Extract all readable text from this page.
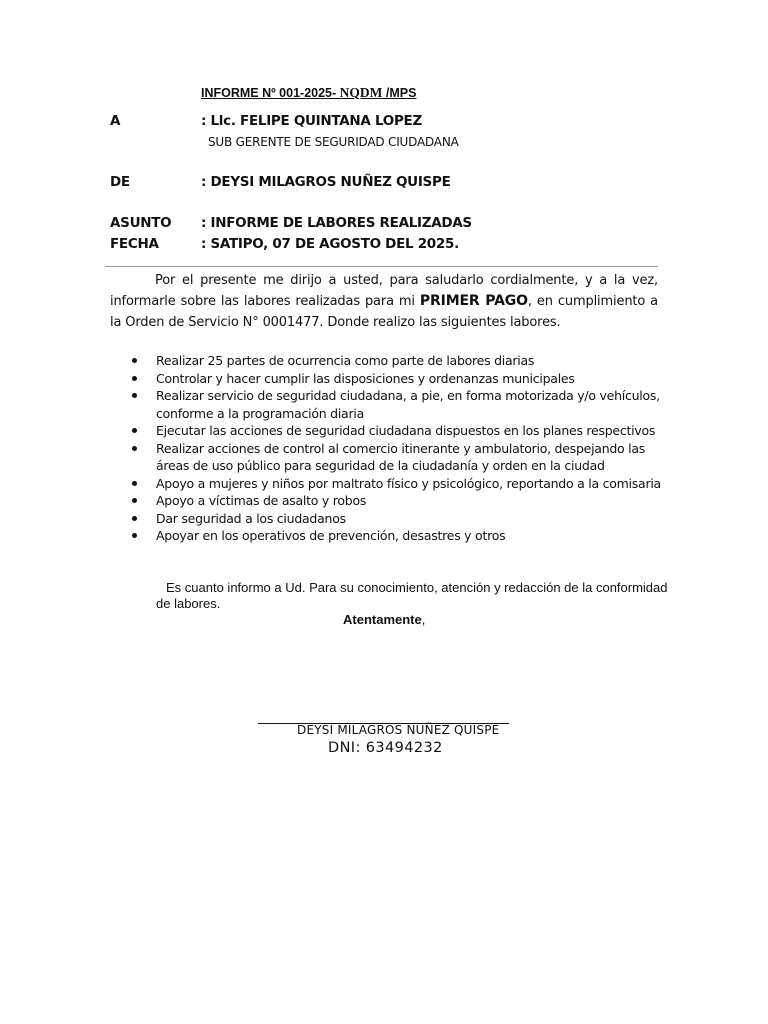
INFORME Nº 001-2025- NQDM /MPS
A	: Llc. FELIPE QUINTANA LOPEZ
SUB GERENTE DE SEGURIDAD CIUDADANA
DE	: DEYSI MILAGROS NUÑEZ QUISPE
ASUNTO : INFORME DE LABORES REALIZADAS
FECHA	: SATIPO, 07 DE AGOSTO DEL 2025.
Por el presente me dirijo a usted, para saludarlo cordialmente, y a la vez, informarle sobre las labores realizadas para mi PRIMER PAGO, en cumplimiento a la Orden de Servicio N° 0001477. Donde realizo las siguientes labores.
Realizar 25 partes de ocurrencia como parte de labores diarias
Controlar y hacer cumplir las disposiciones y ordenanzas municipales
Realizar servicio de seguridad ciudadana, a pie, en forma motorizada y/o vehículos, conforme a la programación diaria
Ejecutar las acciones de seguridad ciudadana dispuestos en los planes respectivos
Realizar acciones de control al comercio itinerante y ambulatorio, despejando las áreas de uso público para seguridad de la ciudadanía y orden en la ciudad
Apoyo a mujeres y niños por maltrato físico y psicológico, reportando a la comisaria
Apoyo a víctimas de asalto y robos
Dar seguridad a los ciudadanos
Apoyar en los operativos de prevención, desastres y otros
Es cuanto informo a Ud. Para su conocimiento, atención y redacción de la conformidad de labores.
Atentamente,
DEYSI MILAGROS NUÑEZ QUISPE
DNI: 63494232
